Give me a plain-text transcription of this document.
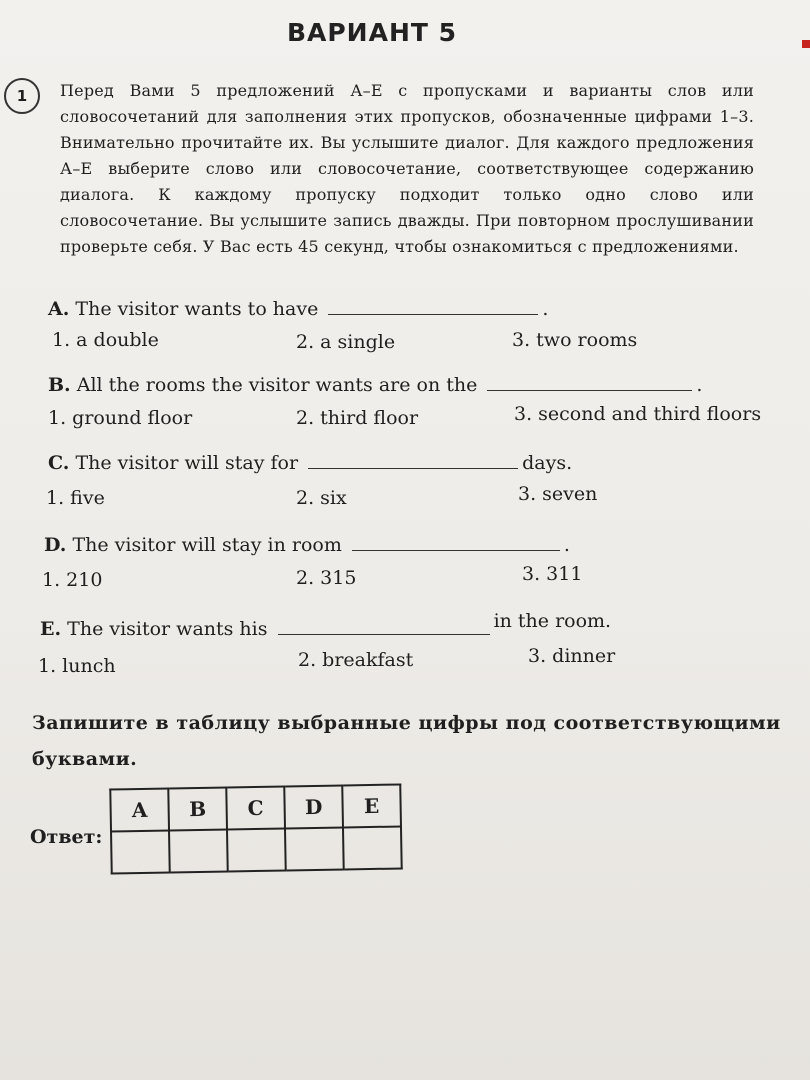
ВАРИАНТ 5
1	Перед Вами 5 предложений А–Е с пропусками и варианты слов или словосочетаний для заполнения этих пропусков, обозначенные цифрами 1–3. Внимательно прочитайте их. Вы услышите диалог. Для каждого предложения А–Е выберите слово или словосочетание, соответствующее содержанию диалога. К каждому пропуску подходит только одно слово или словосочетание. Вы услышите запись дважды. При повторном прослушивании проверьте себя. У Вас есть 45 секунд, чтобы ознакомиться с предложениями.
A. The visitor wants to have	.
1. a double	2. a single	3. two rooms
B. All the rooms the visitor wants are on the	.
1. ground floor	2. third floor	3. second and third floors
C. The visitor will stay for	days.
1. five	2. six	3. seven
D. The visitor will stay in room	.
1. 210	2. 315	3. 311
E. The visitor wants his	in the room.
1. lunch	2. breakfast	3. dinner
Запишите в таблицу выбранные цифры под соответствующими буквами.
Ответ:
A	B	C	D	E
